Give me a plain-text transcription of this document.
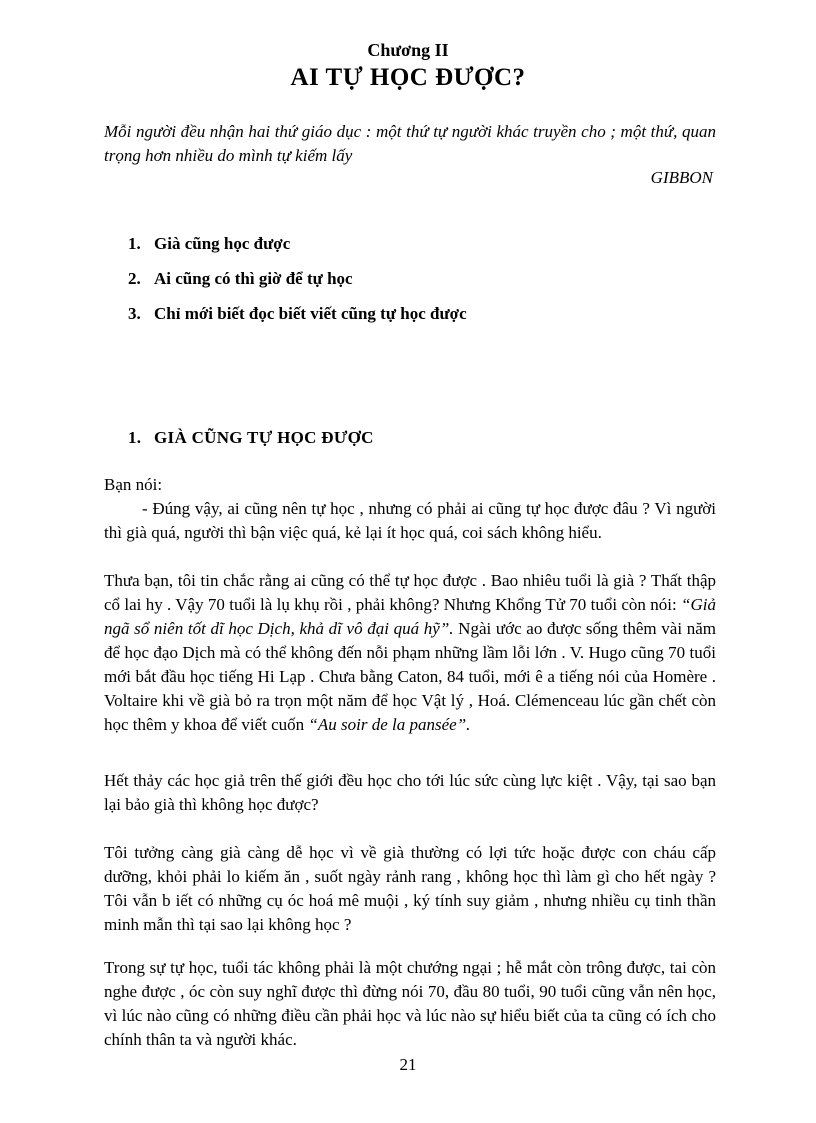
Chương II
AI TỰ HỌC ĐƯỢC?
Mỗi người đều nhận hai thứ giáo dục : một thứ tự người khác truyền cho ; một thứ, quan trọng hơn nhiều do mình tự kiếm lấy
GIBBON
1. Già cũng học được
2. Ai cũng có thì giờ để tự học
3. Chỉ mới biết đọc biết viết cũng tự học được
1. GIÀ CŨNG TỰ HỌC ĐƯỢC
Bạn nói:
- Đúng vậy, ai cũng nên tự học , nhưng có phải ai cũng tự học được đâu ? Vì người thì già quá, người thì bận việc quá, kẻ lại ít học quá, coi sách không hiểu.
Thưa bạn, tôi tin chắc rằng ai cũng có thể tự học được . Bao nhiêu tuổi là già ? Thất thập cổ lai hy . Vậy 70 tuổi là lụ khụ rồi , phải không? Nhưng Khổng Tử 70 tuổi còn nói: “Giả ngã sổ niên tốt dĩ học Dịch, khả dĩ vô đại quá hỹ”. Ngài ước ao được sống thêm vài năm để học đạo Dịch mà có thể không đến nỗi phạm những lầm lỗi lớn . V. Hugo cũng 70 tuổi mới bắt đầu học tiếng Hi Lạp . Chưa bằng Caton, 84 tuổi, mới ê a tiếng nói của Homère . Voltaire khi về già bỏ ra trọn một năm để học Vật lý , Hoá. Clémenceau lúc gần chết còn học thêm y khoa để viết cuốn “Au soir de la pansée”.
Hết thảy các học giả trên thế giới đều học cho tới lúc sức cùng lực kiệt . Vậy, tại sao bạn lại bảo già thì không học được?
Tôi tưởng càng già càng dễ học vì về già thường có lợi tức hoặc được con cháu cấp dưỡng, khỏi phải lo kiếm ăn , suốt ngày rảnh rang , không học thì làm gì cho hết ngày ? Tôi vẫn b iết có những cụ óc hoá mê muội , ký tính suy giảm , nhưng nhiều cụ tinh thần minh mẫn thì tại sao lại không học ?
Trong sự tự học, tuổi tác không phải là một chướng ngại ; hễ mắt còn trông được, tai còn nghe được , óc còn suy nghĩ được thì đừng nói 70, đầu 80 tuổi, 90 tuổi cũng vẫn nên học, vì lúc nào cũng có những điều cần phải học và lúc nào sự hiểu biết của ta cũng có ích cho chính thân ta và người khác.
21
